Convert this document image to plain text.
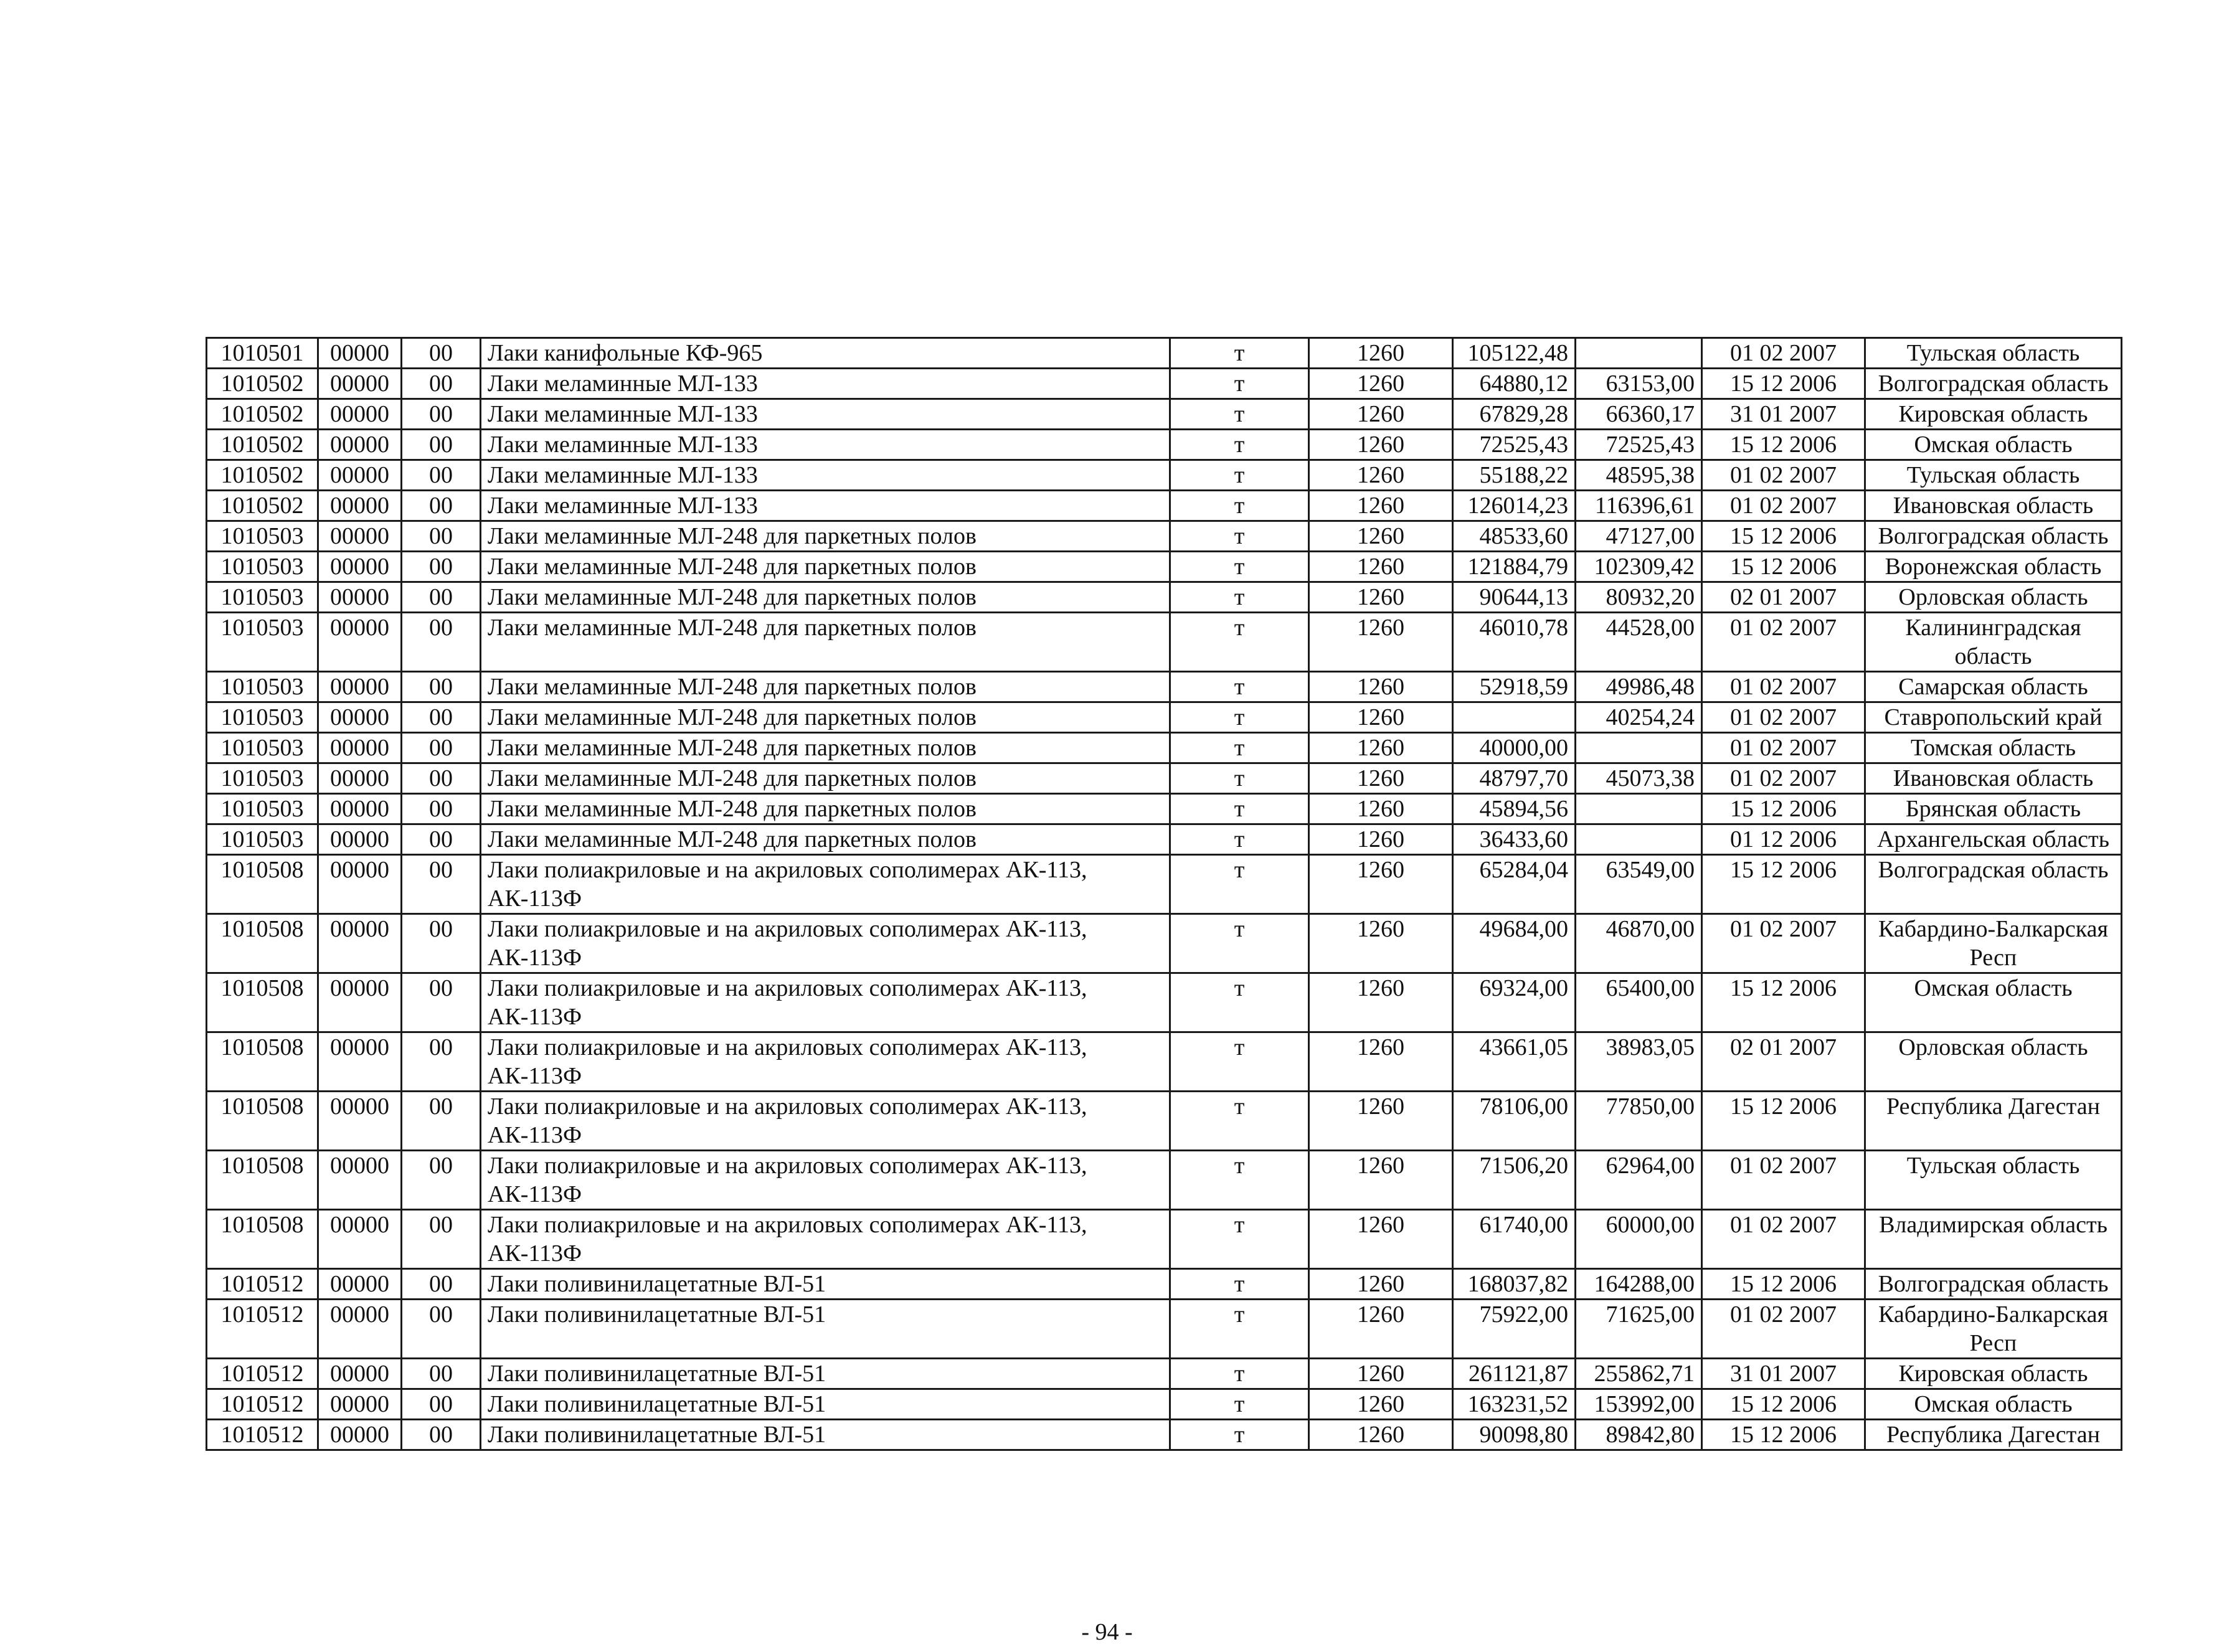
1010501	00000	00	Лаки канифольные КФ-965	т	1260	105122,48		01 02 2007	Тульская область
1010502	00000	00	Лаки меламинные МЛ-133	т	1260	64880,12	63153,00	15 12 2006	Волгоградская область
1010502	00000	00	Лаки меламинные МЛ-133	т	1260	67829,28	66360,17	31 01 2007	Кировская область
1010502	00000	00	Лаки меламинные МЛ-133	т	1260	72525,43	72525,43	15 12 2006	Омская область
1010502	00000	00	Лаки меламинные МЛ-133	т	1260	55188,22	48595,38	01 02 2007	Тульская область
1010502	00000	00	Лаки меламинные МЛ-133	т	1260	126014,23	116396,61	01 02 2007	Ивановская область
1010503	00000	00	Лаки меламинные МЛ-248 для паркетных полов	т	1260	48533,60	47127,00	15 12 2006	Волгоградская область
1010503	00000	00	Лаки меламинные МЛ-248 для паркетных полов	т	1260	121884,79	102309,42	15 12 2006	Воронежская область
1010503	00000	00	Лаки меламинные МЛ-248 для паркетных полов	т	1260	90644,13	80932,20	02 01 2007	Орловская область
1010503	00000	00	Лаки меламинные МЛ-248 для паркетных полов	т	1260	46010,78	44528,00	01 02 2007	Калининградская область
1010503	00000	00	Лаки меламинные МЛ-248 для паркетных полов	т	1260	52918,59	49986,48	01 02 2007	Самарская область
1010503	00000	00	Лаки меламинные МЛ-248 для паркетных полов	т	1260		40254,24	01 02 2007	Ставропольский край
1010503	00000	00	Лаки меламинные МЛ-248 для паркетных полов	т	1260	40000,00		01 02 2007	Томская область
1010503	00000	00	Лаки меламинные МЛ-248 для паркетных полов	т	1260	48797,70	45073,38	01 02 2007	Ивановская область
1010503	00000	00	Лаки меламинные МЛ-248 для паркетных полов	т	1260	45894,56		15 12 2006	Брянская область
1010503	00000	00	Лаки меламинные МЛ-248 для паркетных полов	т	1260	36433,60		01 12 2006	Архангельская область
1010508	00000	00	Лаки полиакриловые и на акриловых сополимерах АК-113, АК-113Ф	т	1260	65284,04	63549,00	15 12 2006	Волгоградская область
1010508	00000	00	Лаки полиакриловые и на акриловых сополимерах АК-113, АК-113Ф	т	1260	49684,00	46870,00	01 02 2007	Кабардино-Балкарская Респ
1010508	00000	00	Лаки полиакриловые и на акриловых сополимерах АК-113, АК-113Ф	т	1260	69324,00	65400,00	15 12 2006	Омская область
1010508	00000	00	Лаки полиакриловые и на акриловых сополимерах АК-113, АК-113Ф	т	1260	43661,05	38983,05	02 01 2007	Орловская область
1010508	00000	00	Лаки полиакриловые и на акриловых сополимерах АК-113, АК-113Ф	т	1260	78106,00	77850,00	15 12 2006	Республика Дагестан
1010508	00000	00	Лаки полиакриловые и на акриловых сополимерах АК-113, АК-113Ф	т	1260	71506,20	62964,00	01 02 2007	Тульская область
1010508	00000	00	Лаки полиакриловые и на акриловых сополимерах АК-113, АК-113Ф	т	1260	61740,00	60000,00	01 02 2007	Владимирская область
1010512	00000	00	Лаки поливинилацетатные ВЛ-51	т	1260	168037,82	164288,00	15 12 2006	Волгоградская область
1010512	00000	00	Лаки поливинилацетатные ВЛ-51	т	1260	75922,00	71625,00	01 02 2007	Кабардино-Балкарская Респ
1010512	00000	00	Лаки поливинилацетатные ВЛ-51	т	1260	261121,87	255862,71	31 01 2007	Кировская область
1010512	00000	00	Лаки поливинилацетатные ВЛ-51	т	1260	163231,52	153992,00	15 12 2006	Омская область
1010512	00000	00	Лаки поливинилацетатные ВЛ-51	т	1260	90098,80	89842,80	15 12 2006	Республика Дагестан
- 94 -
